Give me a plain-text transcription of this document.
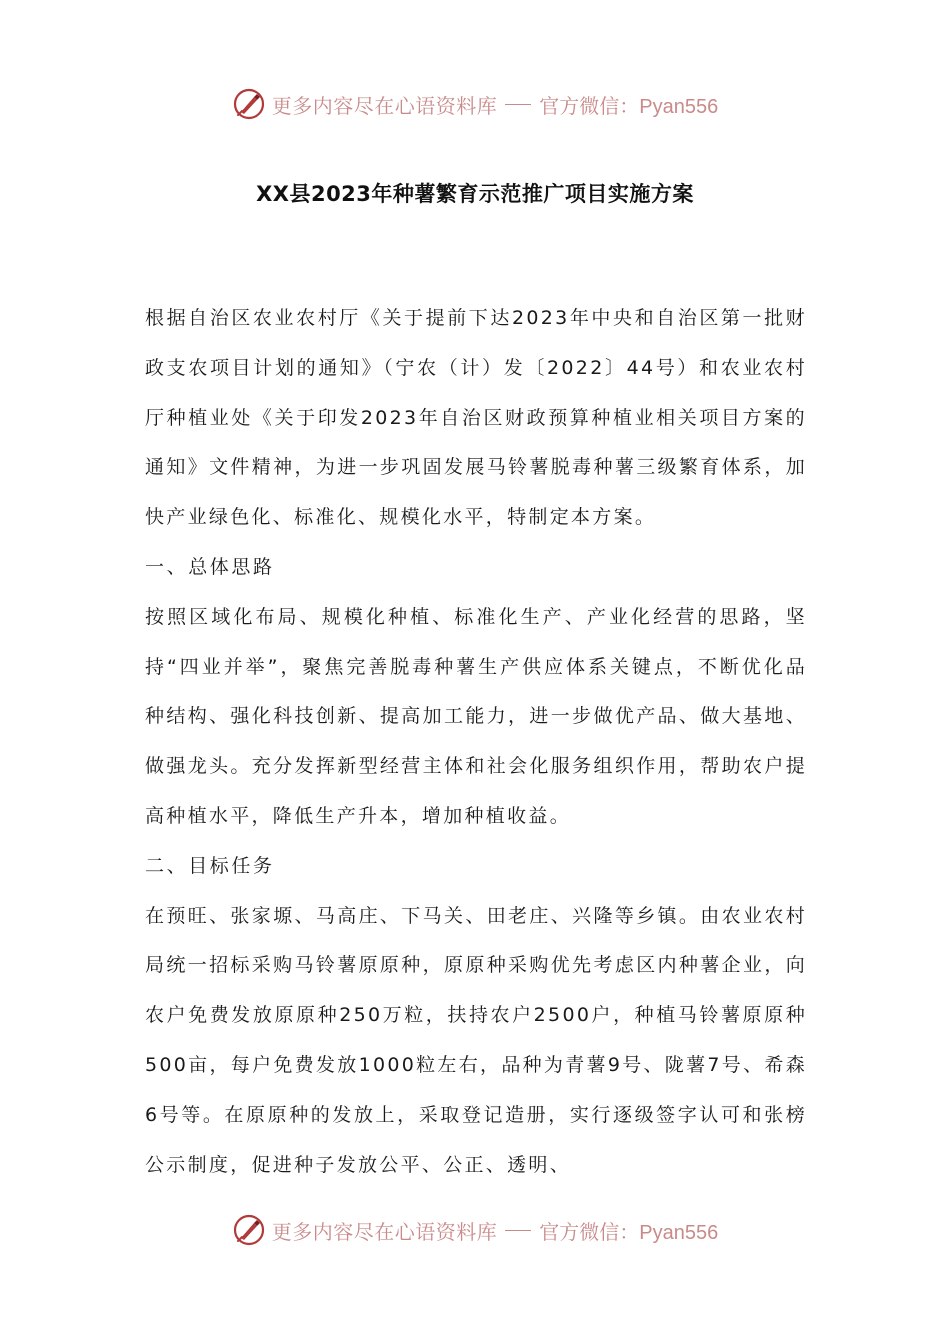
更多内容尽在心语资料库 官方微信：Pyan556
XX县2023年种薯繁育示范推广项目实施方案

根据自治区农业农村厅《关于提前下达2023年中央和自治区第一批财政支农项目计划的通知》（宁农（计）发〔2022〕44号）和农业农村厅种植业处《关于印发2023年自治区财政预算种植业相关项目方案的通知》文件精神，为进一步巩固发展马铃薯脱毒种薯三级繁育体系，加快产业绿色化、标准化、规模化水平，特制定本方案。

一、总体思路

按照区域化布局、规模化种植、标准化生产、产业化经营的思路，坚持“四业并举”，聚焦完善脱毒种薯生产供应体系关键点，不断优化品种结构、强化科技创新、提高加工能力，进一步做优产品、做大基地、做强龙头。充分发挥新型经营主体和社会化服务组织作用，帮助农户提高种植水平，降低生产升本，增加种植收益。

二、目标任务

在预旺、张家塬、马高庄、下马关、田老庄、兴隆等乡镇。由农业农村局统一招标采购马铃薯原原种，原原种采购优先考虑区内种薯企业，向农户免费发放原原种250万粒，扶持农户2500户，种植马铃薯原原种500亩，每户免费发放1000粒左右，品种为青薯9号、陇薯7号、希森6号等。在原原种的发放上，采取登记造册，实行逐级签字认可和张榜公示制度，促进种子发放公平、公正、透明、

更多内容尽在心语资料库 官方微信：Pyan556
